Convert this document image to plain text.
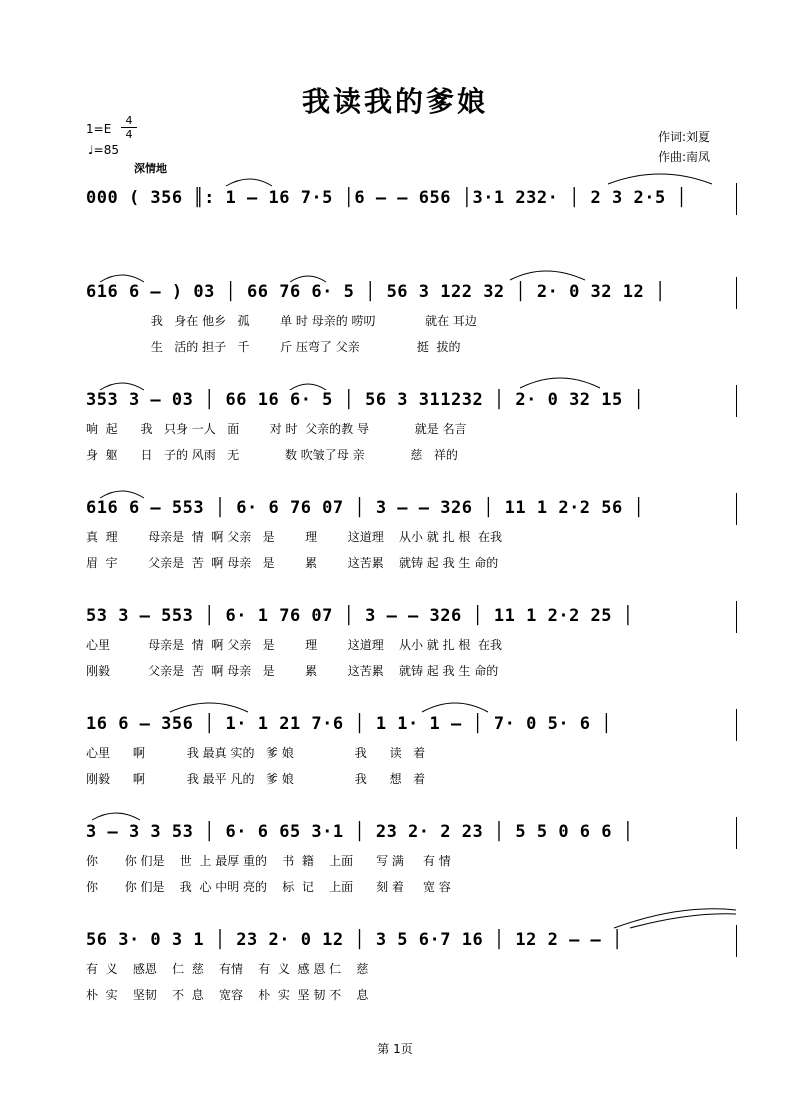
我读我的爹娘
1=E
4
4
♩=85
深情地
作词:刘夏
作曲:南凤
000 ( 356 ║: 1 — 16 7·5 │6 — — 656 │3·1 232· │ 2 3 2·5 │
616 6 — ) 03 │ 66 76 6· 5 │ 56 3 122 32 │ 2· 0 32 12 │
我   身在 他乡   孤        单 时 母亲的 唠叨             就在 耳边
生   活的 担子   千        斤 压弯了 父亲               挺  拔的
353 3 — 03 │ 66 16 6· 5 │ 56 3 311232 │ 2· 0 32 15 │
响  起      我   只身 一人   面        对 时  父亲的教 导            就是 名言
身  躯      日   子的 风雨   无            数 吹皱了母 亲            慈   祥的
616 6 — 553 │ 6· 6 76 07 │ 3 — — 326 │ 11 1 2·2 56 │
真  理        母亲是  情  啊 父亲   是        理        这道理    从小 就 扎 根  在我
眉  宇        父亲是  苦  啊 母亲   是        累        这苦累    就铸 起 我 生 命的
53 3 — 553 │ 6· 1 76 07 │ 3 — — 326 │ 11 1 2·2 25 │
心里          母亲是  情  啊 父亲   是        理        这道理    从小 就 扎 根  在我
刚毅          父亲是  苦  啊 母亲   是        累        这苦累    就铸 起 我 生 命的
16 6 — 356 │ 1· 1 21 7·6 │ 1 1· 1 — │ 7· 0 5· 6 │
心里      啊           我 最真 实的   爹 娘                我      读   着
刚毅      啊           我 最平 凡的   爹 娘                我      想   着
3 — 3 3 53 │ 6· 6 65 3·1 │ 23 2· 2 23 │ 5 5 0 6 6 │
你       你 们是    世  上 最厚 重的    书  籍    上面      写 满     有 情
你       你 们是    我  心 中明 亮的    标  记    上面      刻 着     宽 容
56 3· 0 3 1 │ 23 2· 0 12 │ 3 5 6·7 16 │ 12 2 — — │
有  义    感恩    仁  慈    有情    有  义  感 恩 仁    慈
朴  实    坚韧    不  息    宽容    朴  实  坚 韧 不    息
第 1页
